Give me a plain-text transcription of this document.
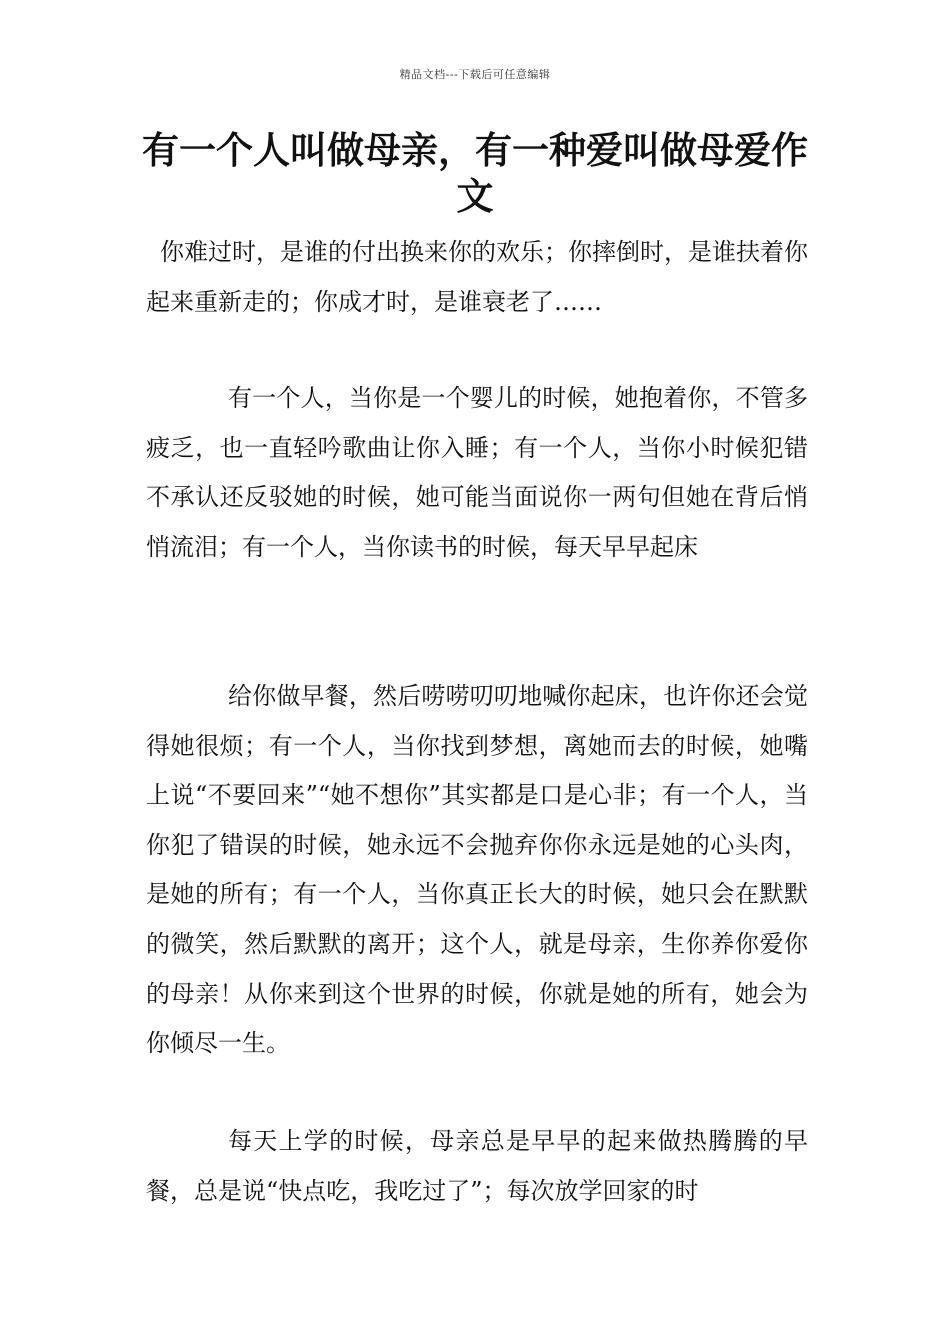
精品文档---下载后可任意编辑
有一个人叫做母亲，有一种爱叫做母爱作文

你难过时，是谁的付出换来你的欢乐；你摔倒时，是谁扶着你起来重新走的；你成才时，是谁衰老了……

有一个人，当你是一个婴儿的时候，她抱着你，不管多疲乏，也一直轻吟歌曲让你入睡；有一个人，当你小时候犯错不承认还反驳她的时候，她可能当面说你一两句但她在背后悄悄流泪；有一个人，当你读书的时候，每天早早起床

给你做早餐，然后唠唠叨叨地喊你起床，也许你还会觉得她很烦；有一个人，当你找到梦想，离她而去的时候，她嘴上说“不要回来”“她不想你”其实都是口是心非；有一个人，当你犯了错误的时候，她永远不会抛弃你你永远是她的心头肉，是她的所有；有一个人，当你真正长大的时候，她只会在默默的微笑，然后默默的离开；这个人，就是母亲，生你养你爱你的母亲！从你来到这个世界的时候，你就是她的所有，她会为你倾尽一生。

每天上学的时候，母亲总是早早的起来做热腾腾的早餐，总是说“快点吃，我吃过了”；每次放学回家的时
